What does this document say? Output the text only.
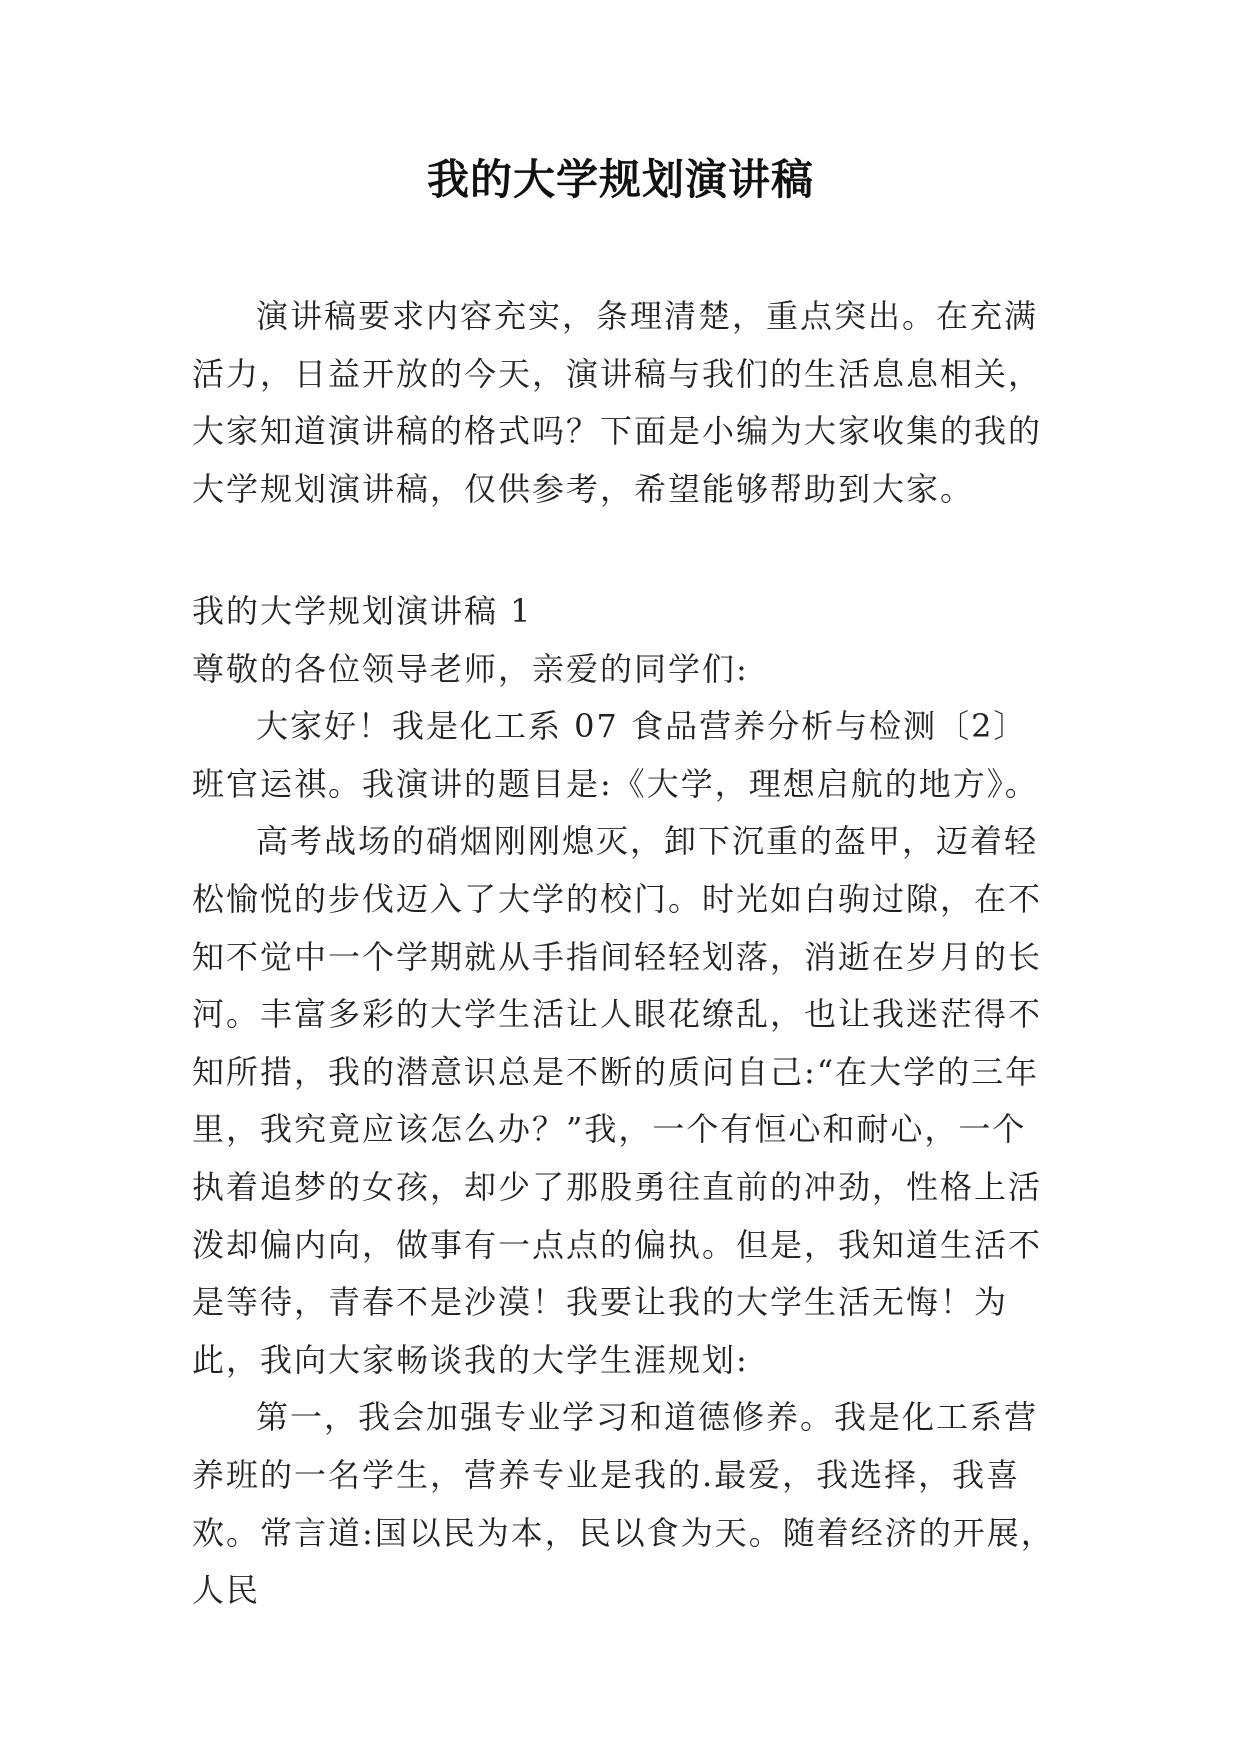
我的大学规划演讲稿

演讲稿要求内容充实，条理清楚，重点突出。在充满活力，日益开放的今天，演讲稿与我们的生活息息相关，大家知道演讲稿的格式吗？下面是小编为大家收集的我的大学规划演讲稿，仅供参考，希望能够帮助到大家。

我的大学规划演讲稿 1

尊敬的各位领导老师，亲爱的同学们:

大家好！我是化工系 07 食品营养分析与检测〔2〕班官运祺。我演讲的题目是:《大学，理想启航的地方》。

高考战场的硝烟刚刚熄灭，卸下沉重的盔甲，迈着轻松愉悦的步伐迈入了大学的校门。时光如白驹过隙，在不知不觉中一个学期就从手指间轻轻划落，消逝在岁月的长河。丰富多彩的大学生活让人眼花缭乱，也让我迷茫得不知所措，我的潜意识总是不断的质问自己:“在大学的三年里，我究竟应该怎么办？”我，一个有恒心和耐心，一个执着追梦的女孩，却少了那股勇往直前的冲劲，性格上活泼却偏内向，做事有一点点的偏执。但是，我知道生活不是等待，青春不是沙漠！我要让我的大学生活无悔！为此，我向大家畅谈我的大学生涯规划:

第一，我会加强专业学习和道德修养。我是化工系营养班的一名学生，营养专业是我的.最爱，我选择，我喜欢。常言道:国以民为本，民以食为天。随着经济的开展，人民
